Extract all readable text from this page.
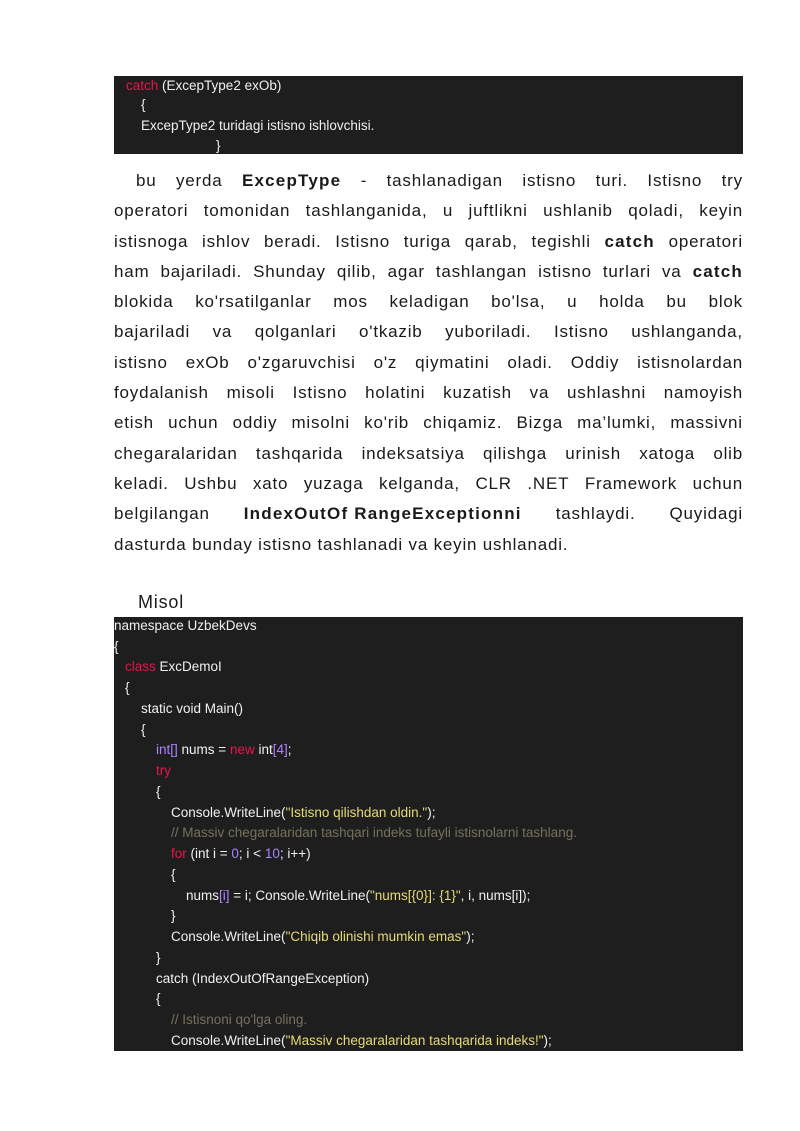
catch (ExcepType2 exOb)
{
ExcepType2 turidagi istisno ishlovchisi.
}
bu yerda ExcepType - tashlanadigan istisno turi. Istisno try
operatori tomonidan tashlanganida, u juftlikni ushlanib qoladi, keyin
istisnoga ishlov beradi. Istisno turiga qarab, tegishli catch operatori
ham bajariladi. Shunday qilib, agar tashlangan istisno turlari va catch
blokida ko'rsatilganlar mos keladigan bo'lsa, u holda bu blok
bajariladi va qolganlari o'tkazib yuboriladi. Istisno ushlanganda,
istisno exOb o'zgaruvchisi o'z qiymatini oladi. Oddiy istisnolardan
foydalanish misoli Istisno holatini kuzatish va ushlashni namoyish
etish uchun oddiy misolni ko'rib chiqamiz. Bizga ma’lumki, massivni
chegaralaridan tashqarida indeksatsiya qilishga urinish xatoga olib
keladi. Ushbu xato yuzaga kelganda, CLR .NET Framework uchun
belgilangan IndexOutOf RangeExceptionni tashlaydi. Quyidagi
dasturda bunday istisno tashlanadi va keyin ushlanadi.
Misol
namespace UzbekDevs
{
class ExcDemoI
{
static void Main()
{
int[] nums = new int[4];
try
{
Console.WriteLine("Istisno qilishdan oldin.");
// Massiv chegaralaridan tashqari indeks tufayli istisnolarni tashlang.
for (int i = 0; i < 10; i++)
{
nums[i] = i; Console.WriteLine("nums[{0}]: {1}", i, nums[i]);
}
Console.WriteLine("Chiqib olinishi mumkin emas");
}
catch (IndexOutOfRangeException)
{
// Istisnoni qo'lga oling.
Console.WriteLine("Massiv chegaralaridan tashqarida indeks!");
